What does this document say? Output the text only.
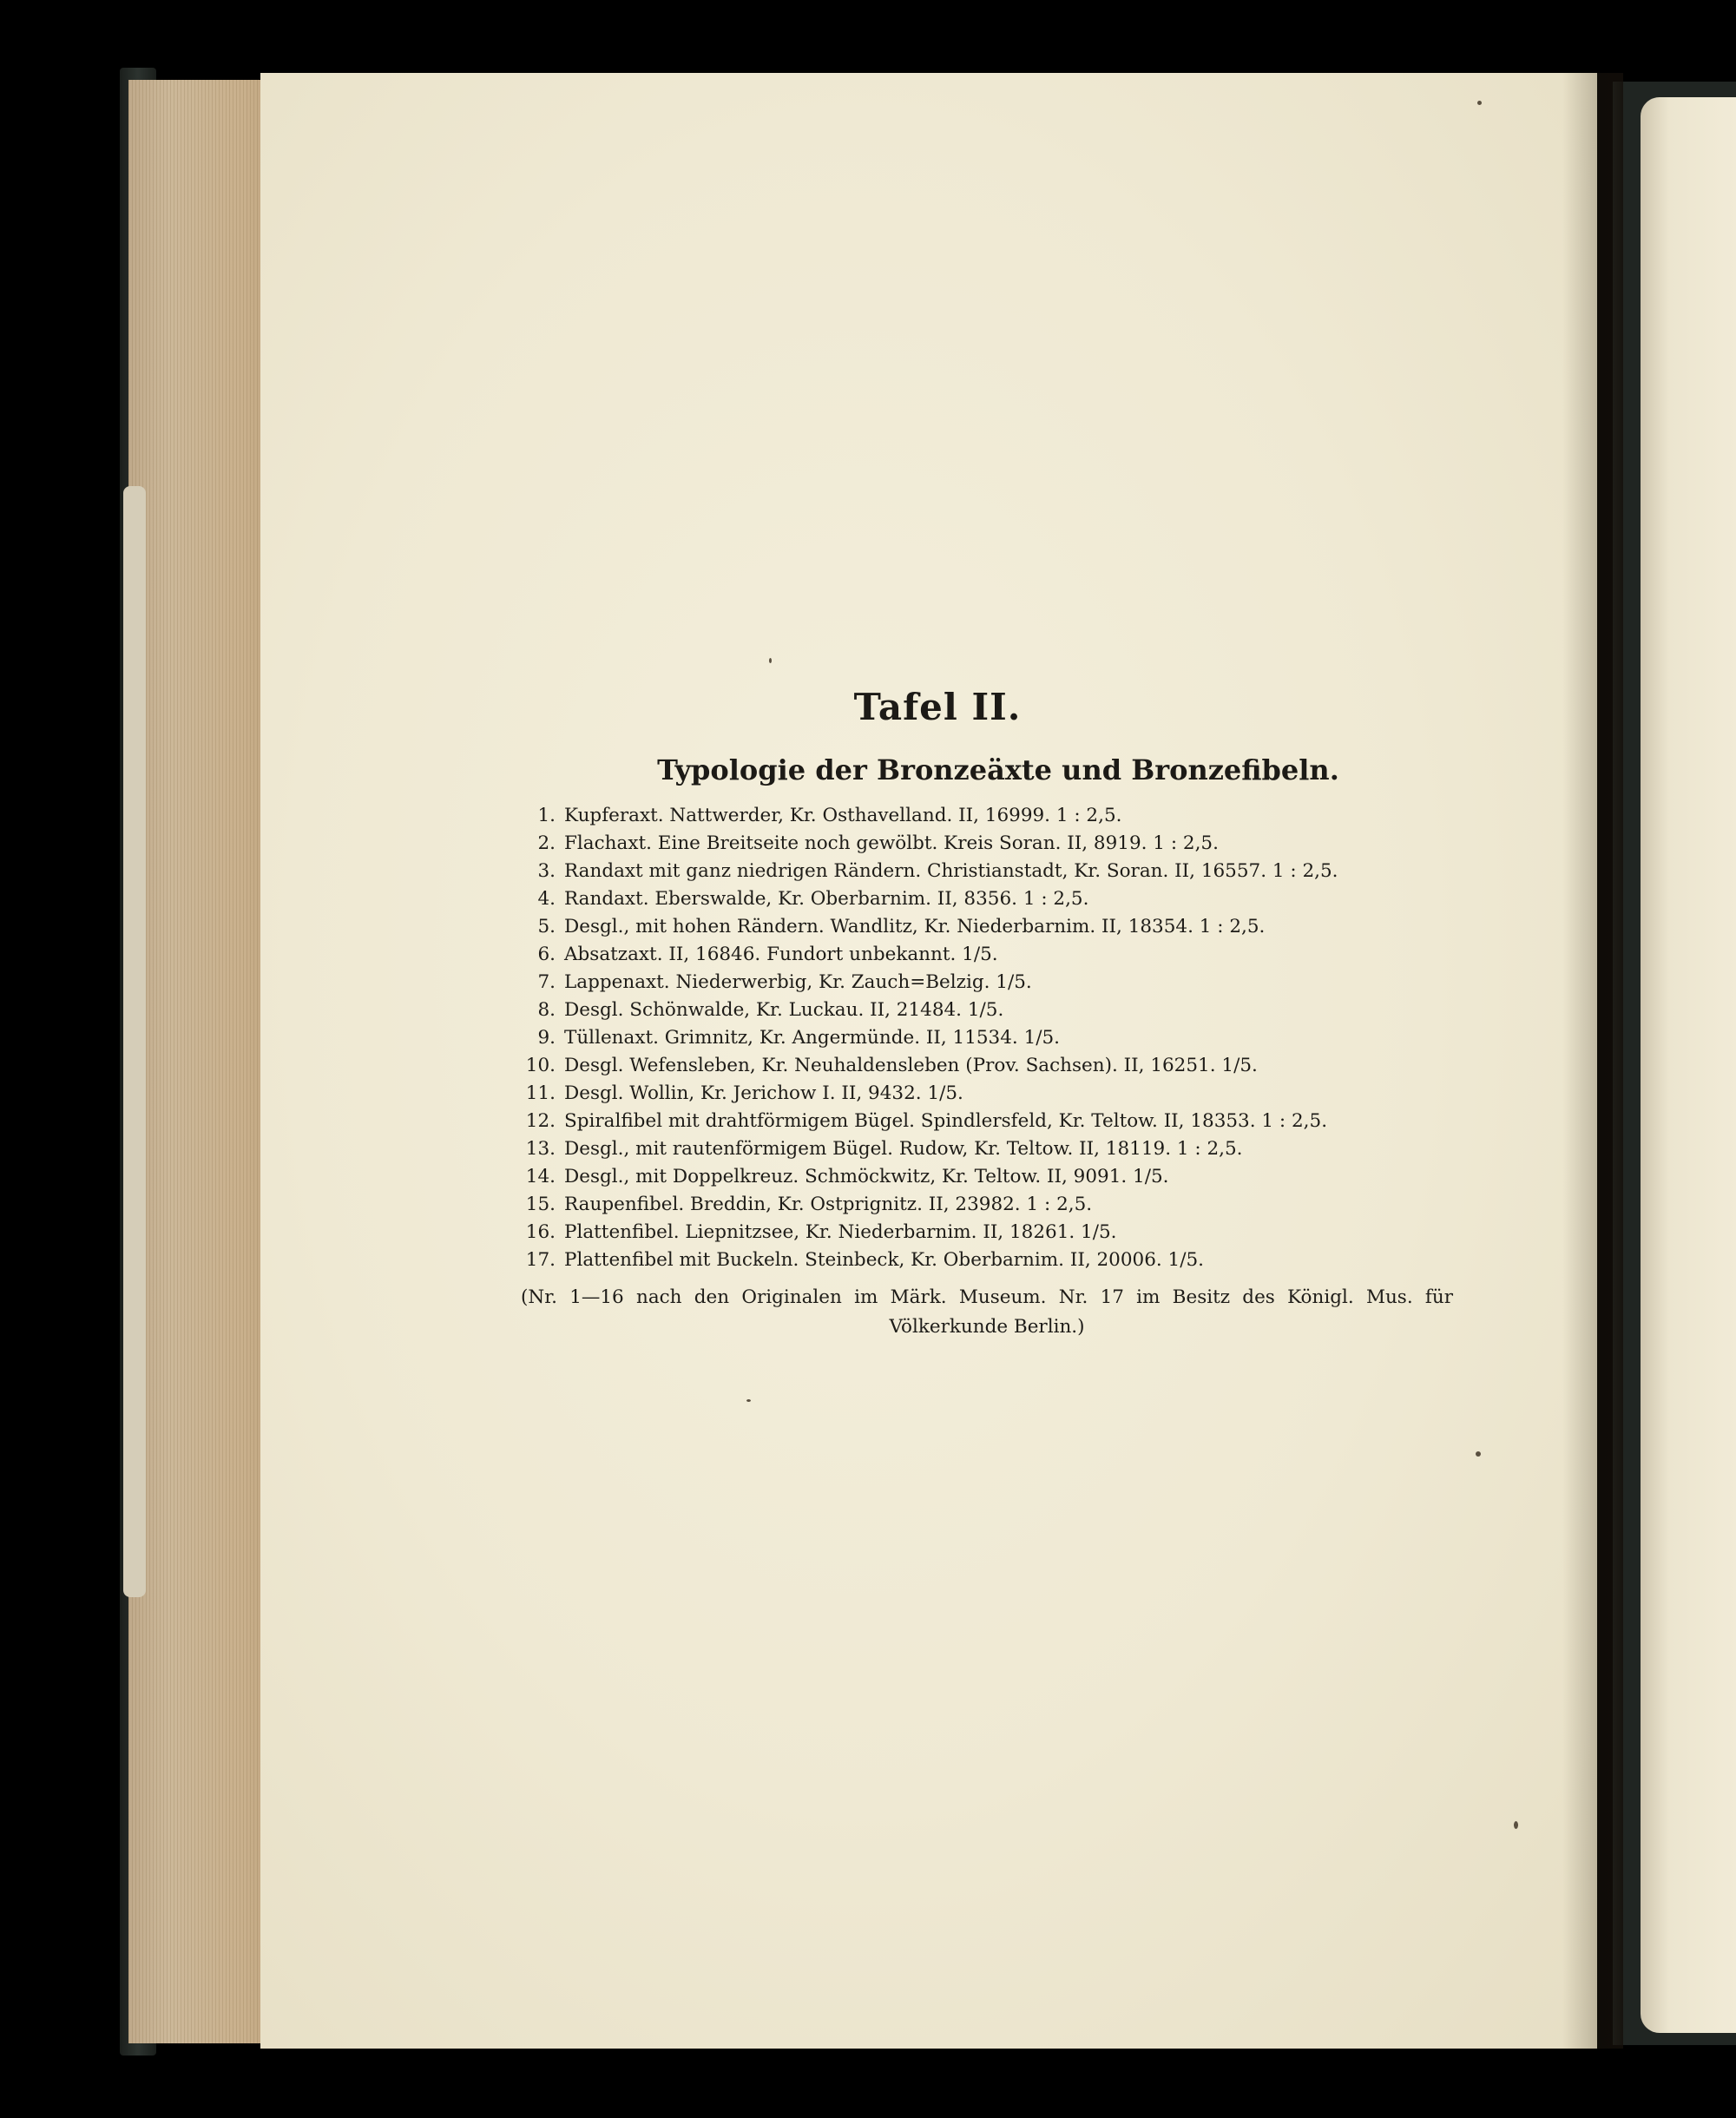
Tafel II.
Typologie der Bronzeäxte und Bronzefibeln.
1. Kupferaxt. Nattwerder, Kr. Osthavelland. II, 16999. 1 : 2,5.
2. Flachaxt. Eine Breitseite noch gewölbt. Kreis Soran. II, 8919. 1 : 2,5.
3. Randaxt mit ganz niedrigen Rändern. Christianstadt, Kr. Soran. II, 16557. 1 : 2,5.
4. Randaxt. Eberswalde, Kr. Oberbarnim. II, 8356. 1 : 2,5.
5. Desgl., mit hohen Rändern. Wandlitz, Kr. Niederbarnim. II, 18354. 1 : 2,5.
6. Absatzaxt. II, 16846. Fundort unbekannt. 1/5.
7. Lappenaxt. Niederwerbig, Kr. Zauch=Belzig. 1/5.
8. Desgl. Schönwalde, Kr. Luckau. II, 21484. 1/5.
9. Tüllenaxt. Grimnitz, Kr. Angermünde. II, 11534. 1/5.
10. Desgl. Wefensleben, Kr. Neuhaldensleben (Prov. Sachsen). II, 16251. 1/5.
11. Desgl. Wollin, Kr. Jerichow I. II, 9432. 1/5.
12. Spiralfibel mit drahtförmigem Bügel. Spindlersfeld, Kr. Teltow. II, 18353. 1 : 2,5.
13. Desgl., mit rautenförmigem Bügel. Rudow, Kr. Teltow. II, 18119. 1 : 2,5.
14. Desgl., mit Doppelkreuz. Schmöckwitz, Kr. Teltow. II, 9091. 1/5.
15. Raupenfibel. Breddin, Kr. Ostprignitz. II, 23982. 1 : 2,5.
16. Plattenfibel. Liepnitzsee, Kr. Niederbarnim. II, 18261. 1/5.
17. Plattenfibel mit Buckeln. Steinbeck, Kr. Oberbarnim. II, 20006. 1/5.
(Nr. 1—16 nach den Originalen im Märk. Museum. Nr. 17 im Besitz des Königl. Mus. für Völkerkunde Berlin.)
